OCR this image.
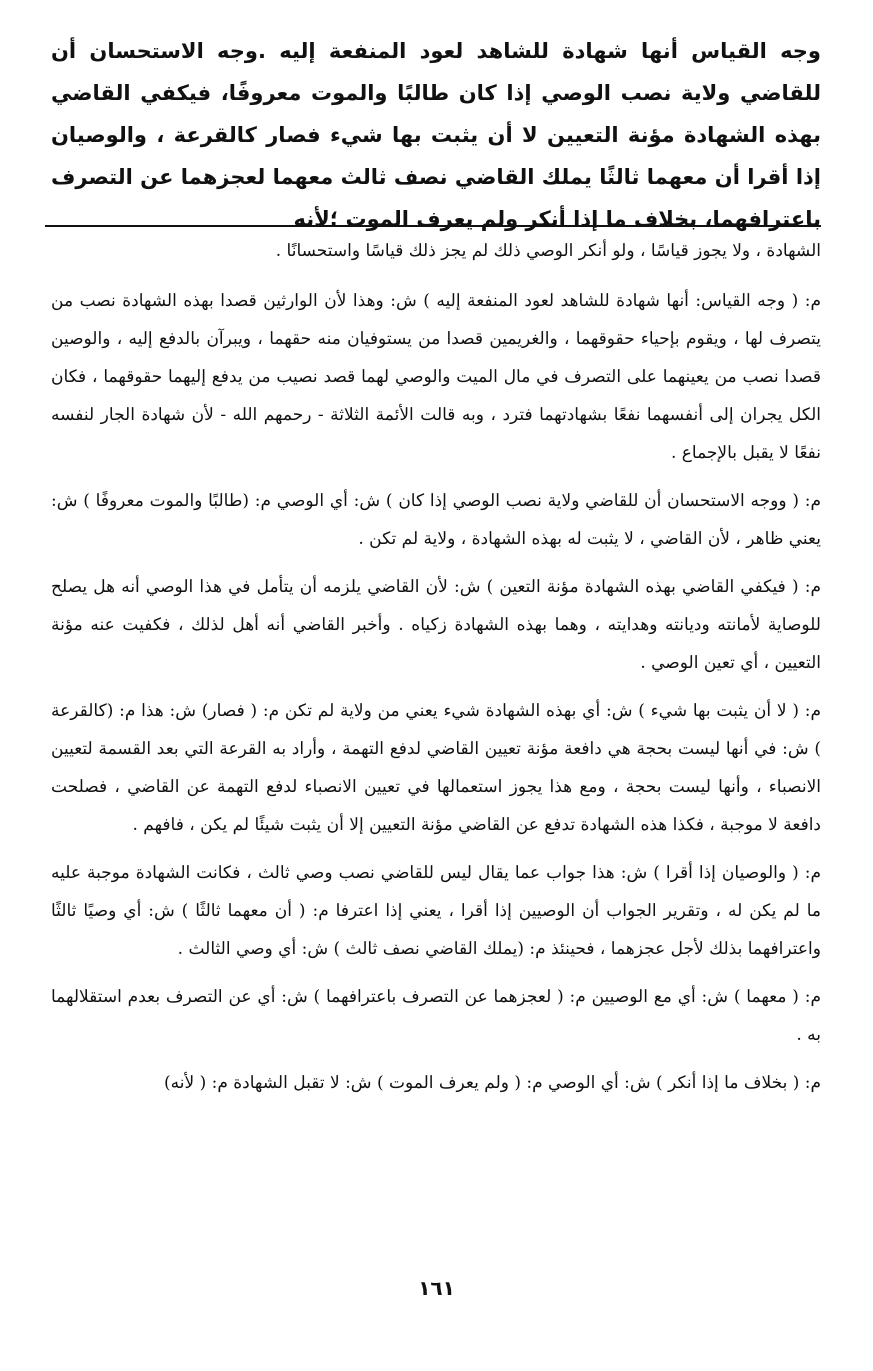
وجه القياس أنها شهادة للشاهد لعود المنفعة إليه .وجه الاستحسان أن للقاضي ولاية نصب الوصي إذا كان طالبًا والموت معروفًا، فيكفي القاضي بهذه الشهادة مؤنة التعيين لا أن يثبت بها شيء فصار كالقرعة ، والوصيان إذا أقرا أن معهما ثالثًا يملك القاضي نصف ثالث معهما لعجزهما عن التصرف باعترافهما، بخلاف ما إذا أنكر ولم يعرف الموت ؛لأنه

الشهادة ، ولا يجوز قياسًا ، ولو أنكر الوصي ذلك لم يجز ذلك قياسًا واستحسانًا .

م: ( وجه القياس: أنها شهادة للشاهد لعود المنفعة إليه ) ش: وهذا لأن الوارثين قصدا بهذه الشهادة نصب من يتصرف لها ، ويقوم بإحياء حقوقهما ، والغريمين قصدا من يستوفيان منه حقهما ، ويبرآن بالدفع إليه ، والوصين قصدا نصب من يعينهما على التصرف في مال الميت والوصي لهما قصد نصيب من يدفع إليهما حقوقهما ، فكان الكل يجران إلى أنفسهما نفعًا بشهادتهما فترد ، وبه قالت الأئمة الثلاثة - رحمهم الله - لأن شهادة الجار لنفسه نفعًا لا يقبل بالإجماع .

م: ( ووجه الاستحسان أن للقاضي ولاية نصب الوصي إذا كان ) ش: أي الوصي م: (طالبًا والموت معروفًا ) ش: يعني ظاهر ، لأن القاضي ، لا يثبت له بهذه الشهادة ، ولاية لم تكن .

م: ( فيكفي القاضي بهذه الشهادة مؤنة التعين ) ش: لأن القاضي يلزمه أن يتأمل في هذا الوصي أنه هل يصلح للوصاية لأمانته وديانته وهدايته ، وهما بهذه الشهادة زكياه . وأخبر القاضي أنه أهل لذلك ، فكفيت عنه مؤنة التعيين ، أي تعين الوصي .

م: ( لا أن يثبت بها شيء ) ش: أي بهذه الشهادة شيء يعني من ولاية لم تكن م: ( فصار) ش: هذا م: (كالقرعة ) ش: في أنها ليست بحجة هي دافعة مؤنة تعيين القاضي لدفع التهمة ، وأراد به القرعة التي بعد القسمة لتعيين الانصباء ، وأنها ليست بحجة ، ومع هذا يجوز استعمالها في تعيين الانصباء لدفع التهمة عن القاضي ، فصلحت دافعة لا موجبة ، فكذا هذه الشهادة تدفع عن القاضي مؤنة التعيين إلا أن يثبت شيئًا لم يكن ، فافهم .

م: ( والوصيان إذا أقرا ) ش: هذا جواب عما يقال ليس للقاضي نصب وصي ثالث ، فكانت الشهادة موجبة عليه ما لم يكن له ، وتقرير الجواب أن الوصيين إذا أقرا ، يعني إذا اعترفا م: ( أن معهما ثالثًا ) ش: أي وصيًا ثالثًا واعترافهما بذلك لأجل عجزهما ، فحينئذ م: (يملك القاضي نصف ثالث ) ش: أي وصي الثالث .

م: ( معهما ) ش: أي مع الوصيين م: ( لعجزهما عن التصرف باعترافهما ) ش: أي عن التصرف بعدم استقلالهما به .

م: ( بخلاف ما إذا أنكر ) ش: أي الوصي م: ( ولم يعرف الموت ) ش: لا تقبل الشهادة م: ( لأنه)

١٦١
